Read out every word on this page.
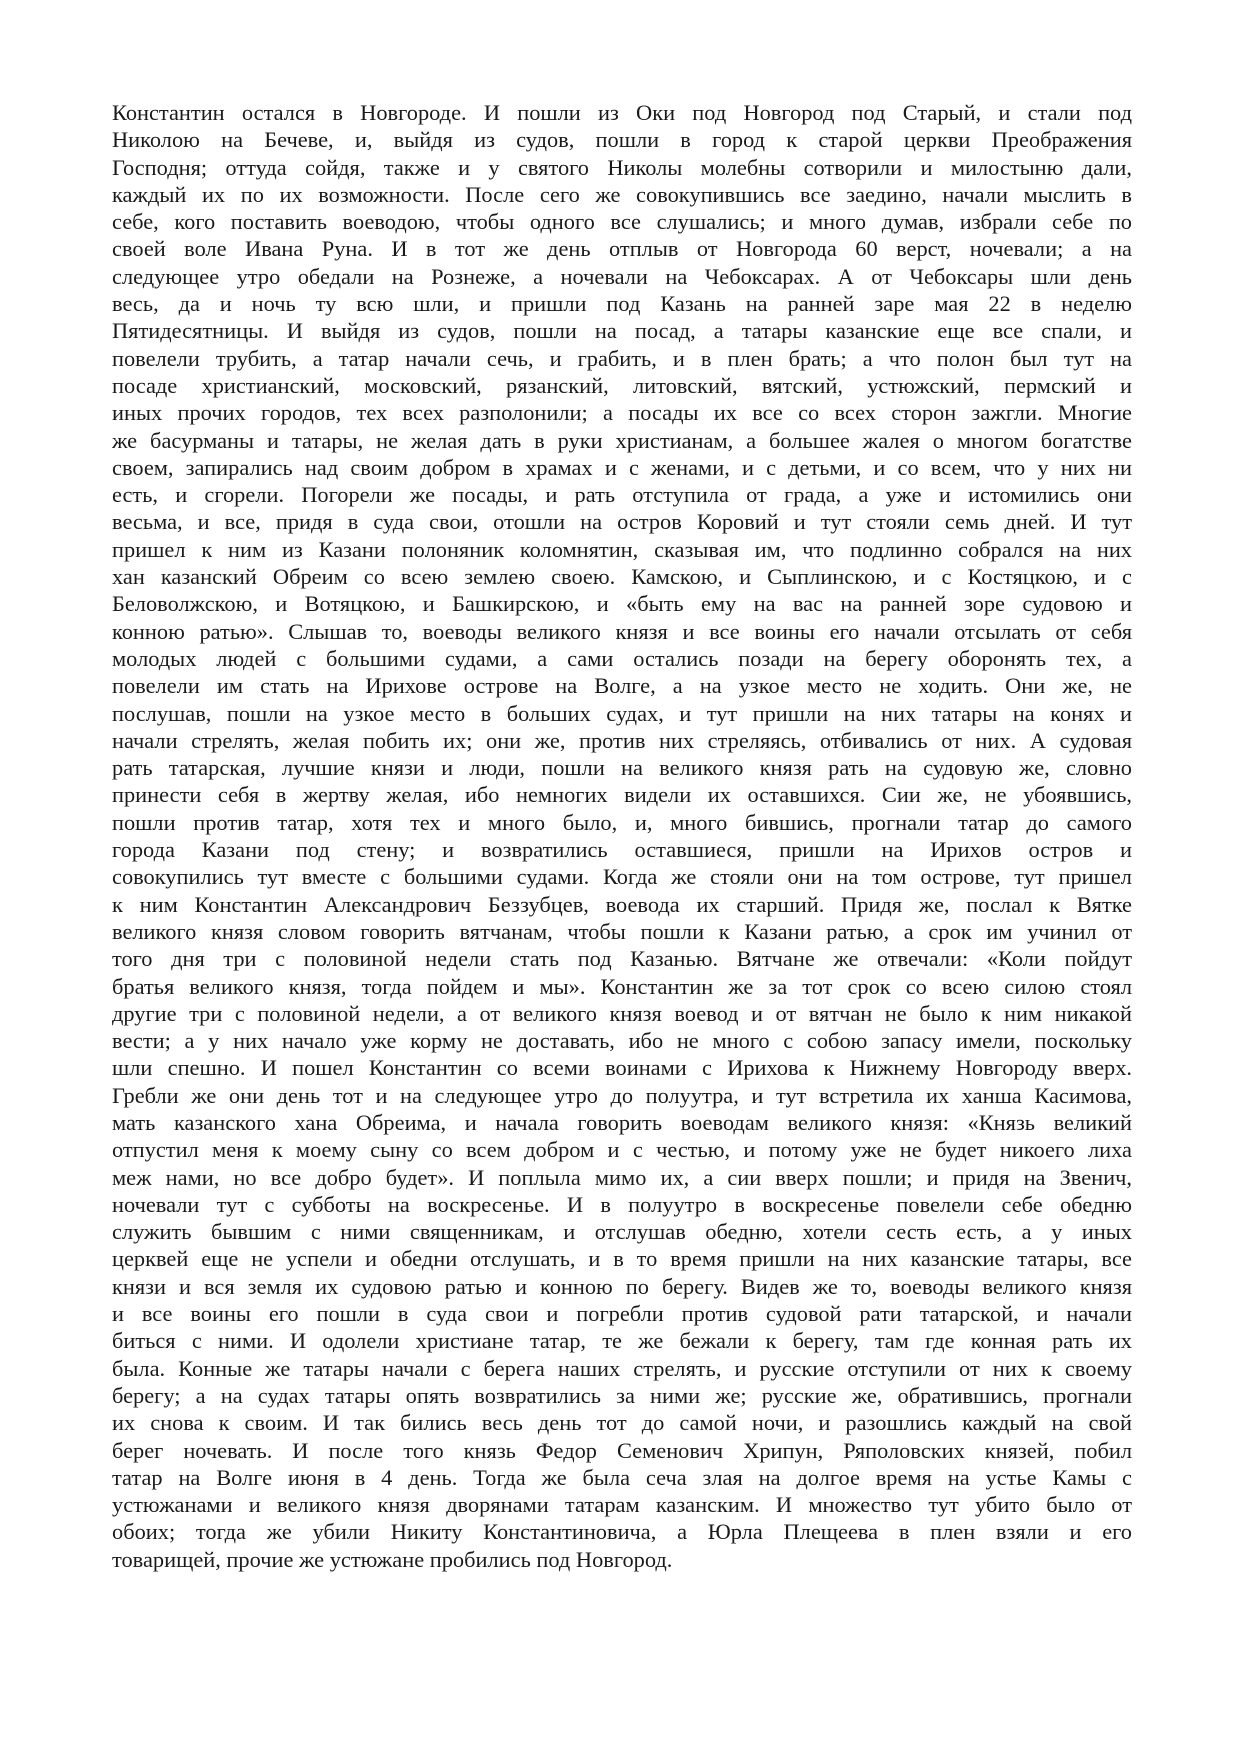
Константин остался в Новгороде. И пошли из Оки под Новгород под Старый, и стали под
Николою на Бечеве, и, выйдя из судов, пошли в город к старой церкви Преображения
Господня; оттуда сойдя, также и у святого Николы молебны сотворили и милостыню дали,
каждый их по их возможности. После сего же совокупившись все заедино, начали мыслить в
себе, кого поставить воеводою, чтобы одного все слушались; и много думав, избрали себе по
своей воле Ивана Руна. И в тот же день отплыв от Новгорода 60 верст, ночевали; а на
следующее утро обедали на Рознеже, а ночевали на Чебоксарах. А от Чебоксары шли день
весь, да и ночь ту всю шли, и пришли под Казань на ранней заре мая 22 в неделю
Пятидесятницы. И выйдя из судов, пошли на посад, а татары казанские еще все спали, и
повелели трубить, а татар начали сечь, и грабить, и в плен брать; а что полон был тут на
посаде христианский, московский, рязанский, литовский, вятский, устюжский, пермский и
иных прочих городов, тех всех разполонили; а посады их все со всех сторон зажгли. Многие
же басурманы и татары, не желая дать в руки христианам, а большее жалея о многом богатстве
своем, запирались над своим добром в храмах и с женами, и с детьми, и со всем, что у них ни
есть, и сгорели. Погорели же посады, и рать отступила от града, а уже и истомились они
весьма, и все, придя в суда свои, отошли на остров Коровий и тут стояли семь дней. И тут
пришел к ним из Казани полоняник коломнятин, сказывая им, что подлинно собрался на них
хан казанский Обреим со всею землею своею. Камскою, и Сыплинскою, и с Костяцкою, и с
Беловолжскою, и Вотяцкою, и Башкирскою, и «быть ему на вас на ранней зоре судовою и
конною ратью». Слышав то, воеводы великого князя и все воины его начали отсылать от себя
молодых людей с большими судами, а сами остались позади на берегу оборонять тех, а
повелели им стать на Ирихове острове на Волге, а на узкое место не ходить. Они же, не
послушав, пошли на узкое место в больших судах, и тут пришли на них татары на конях и
начали стрелять, желая побить их; они же, против них стреляясь, отбивались от них. А судовая
рать татарская, лучшие князи и люди, пошли на великого князя рать на судовую же, словно
принести себя в жертву желая, ибо немногих видели их оставшихся. Сии же, не убоявшись,
пошли против татар, хотя тех и много было, и, много бившись, прогнали татар до самого
города Казани под стену; и возвратились оставшиеся, пришли на Ирихов остров и
совокупились тут вместе с большими судами. Когда же стояли они на том острове, тут пришел
к ним Константин Александрович Беззубцев, воевода их старший. Придя же, послал к Вятке
великого князя словом говорить вятчанам, чтобы пошли к Казани ратью, а срок им учинил от
того дня три с половиной недели стать под Казанью. Вятчане же отвечали: «Коли пойдут
братья великого князя, тогда пойдем и мы». Константин же за тот срок со всею силою стоял
другие три с половиной недели, а от великого князя воевод и от вятчан не было к ним никакой
вести; а у них начало уже корму не доставать, ибо не много с собою запасу имели, поскольку
шли спешно. И пошел Константин со всеми воинами с Ирихова к Нижнему Новгороду вверх.
Гребли же они день тот и на следующее утро до полуутра, и тут встретила их ханша Касимова,
мать казанского хана Обреима, и начала говорить воеводам великого князя: «Князь великий
отпустил меня к моему сыну со всем добром и с честью, и потому уже не будет никоего лиха
меж нами, но все добро будет». И поплыла мимо их, а сии вверх пошли; и придя на Звенич,
ночевали тут с субботы на воскресенье. И в полуутро в воскресенье повелели себе обедню
служить бывшим с ними священникам, и отслушав обедню, хотели сесть есть, а у иных
церквей еще не успели и обедни отслушать, и в то время пришли на них казанские татары, все
князи и вся земля их судовою ратью и конною по берегу. Видев же то, воеводы великого князя
и все воины его пошли в суда свои и погребли против судовой рати татарской, и начали
биться с ними. И одолели христиане татар, те же бежали к берегу, там где конная рать их
была. Конные же татары начали с берега наших стрелять, и русские отступили от них к своему
берегу; а на судах татары опять возвратились за ними же; русские же, обратившись, прогнали
их снова к своим. И так бились весь день тот до самой ночи, и разошлись каждый на свой
берег ночевать. И после того князь Федор Семенович Хрипун, Ряполовских князей, побил
татар на Волге июня в 4 день. Тогда же была сеча злая на долгое время на устье Камы с
устюжанами и великого князя дворянами татарам казанским. И множество тут убито было от
обоих; тогда же убили Никиту Константиновича, а Юрла Плещеева в плен взяли и его
товарищей, прочие же устюжане пробились под Новгород.
